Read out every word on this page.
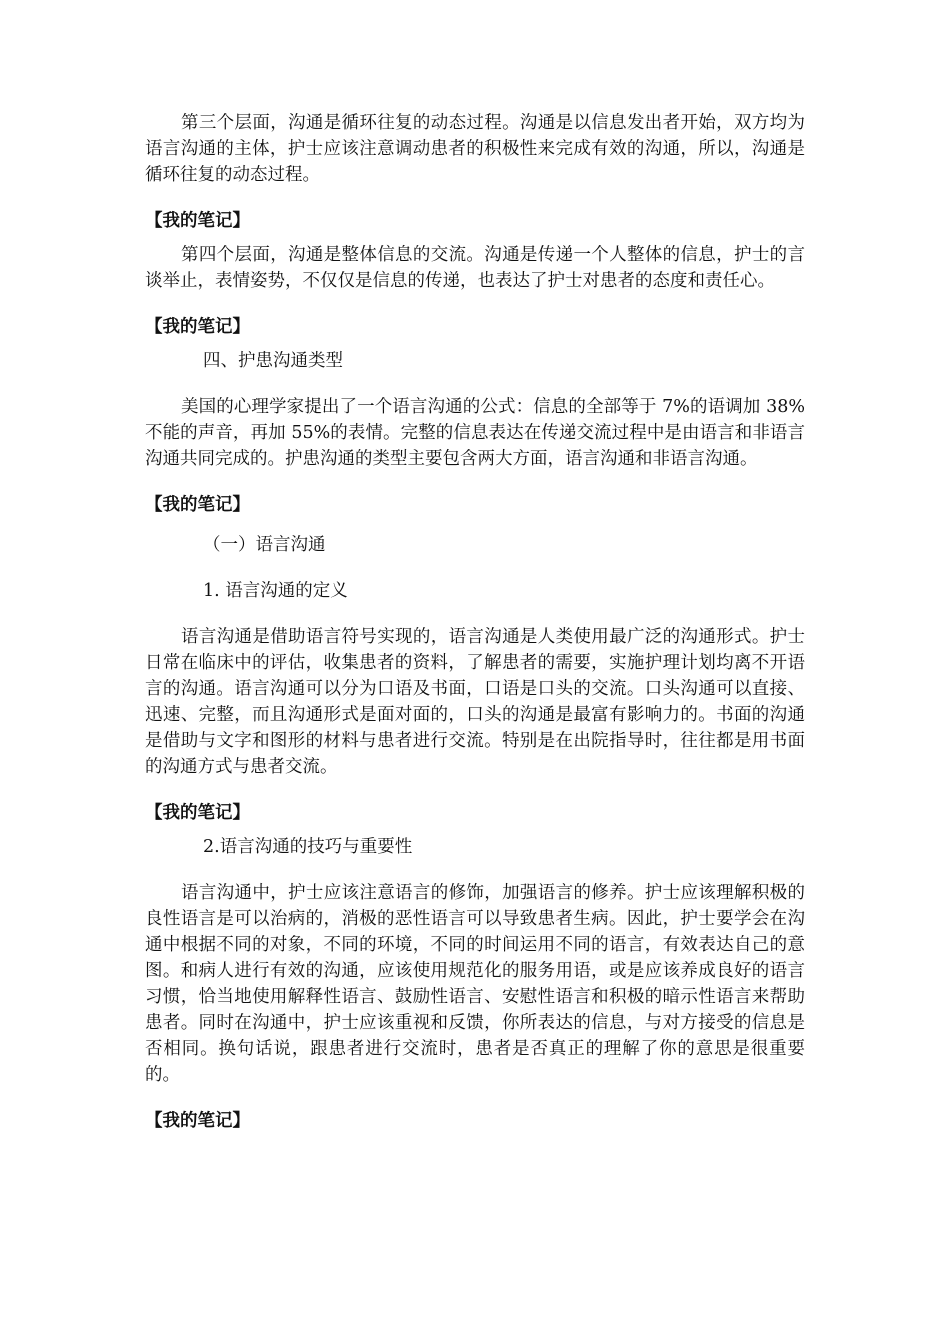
第三个层面，沟通是循环往复的动态过程。沟通是以信息发出者开始，双方均为语言沟通的主体，护士应该注意调动患者的积极性来完成有效的沟通，所以，沟通是循环往复的动态过程。

【我的笔记】

第四个层面，沟通是整体信息的交流。沟通是传递一个人整体的信息，护士的言谈举止，表情姿势，不仅仅是信息的传递，也表达了护士对患者的态度和责任心。

【我的笔记】

四、护患沟通类型

美国的心理学家提出了一个语言沟通的公式：信息的全部等于 7%的语调加 38%不能的声音，再加 55%的表情。完整的信息表达在传递交流过程中是由语言和非语言沟通共同完成的。护患沟通的类型主要包含两大方面，语言沟通和非语言沟通。

【我的笔记】

（一）语言沟通

1. 语言沟通的定义

语言沟通是借助语言符号实现的，语言沟通是人类使用最广泛的沟通形式。护士日常在临床中的评估，收集患者的资料，了解患者的需要，实施护理计划均离不开语言的沟通。语言沟通可以分为口语及书面，口语是口头的交流。口头沟通可以直接、迅速、完整，而且沟通形式是面对面的，口头的沟通是最富有影响力的。书面的沟通是借助与文字和图形的材料与患者进行交流。特别是在出院指导时，往往都是用书面的沟通方式与患者交流。

【我的笔记】

2.语言沟通的技巧与重要性

语言沟通中，护士应该注意语言的修饰，加强语言的修养。护士应该理解积极的良性语言是可以治病的，消极的恶性语言可以导致患者生病。因此，护士要学会在沟通中根据不同的对象，不同的环境，不同的时间运用不同的语言，有效表达自己的意图。和病人进行有效的沟通，应该使用规范化的服务用语，或是应该养成良好的语言习惯，恰当地使用解释性语言、鼓励性语言、安慰性语言和积极的暗示性语言来帮助患者。同时在沟通中，护士应该重视和反馈，你所表达的信息，与对方接受的信息是否相同。换句话说，跟患者进行交流时，患者是否真正的理解了你的意思是很重要的。

【我的笔记】
